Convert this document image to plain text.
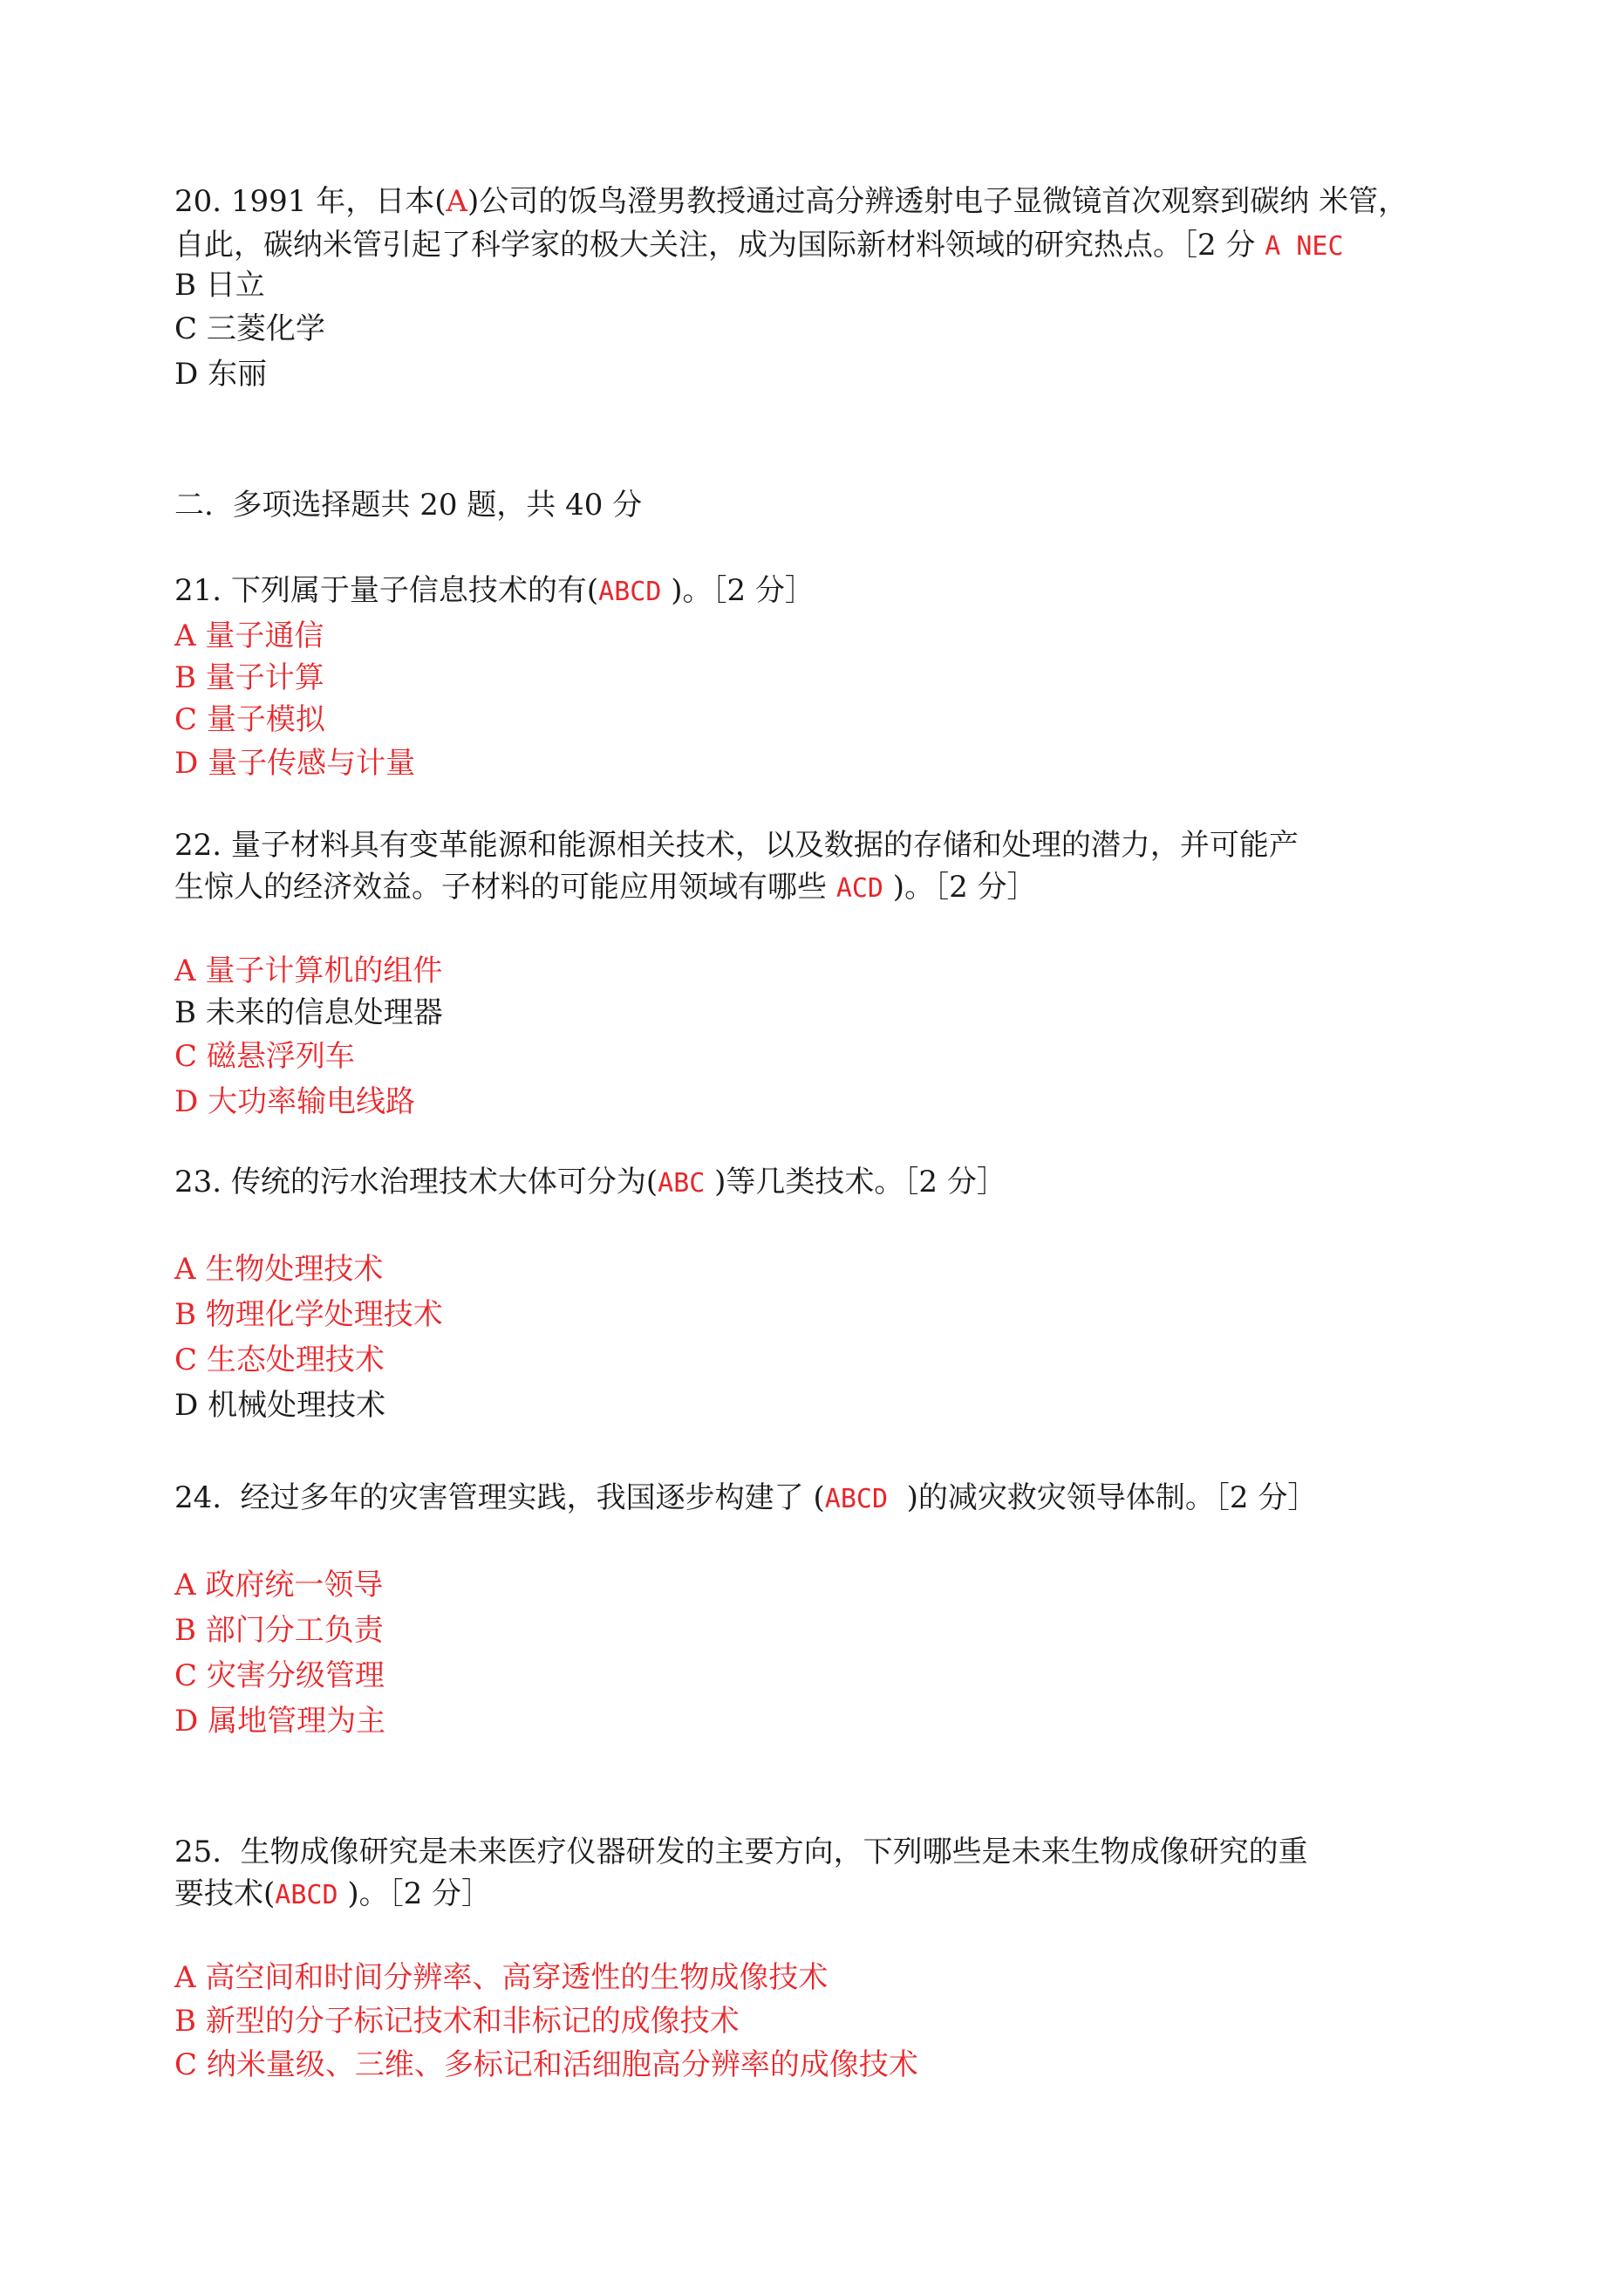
20. 1991 年，日本(A)公司的饭鸟澄男教授通过高分辨透射电子显微镜首次观察到碳纳 米管，
自此，碳纳米管引起了科学家的极大关注，成为国际新材料领域的研究热点。［2 分 A NEC
B 日立
C 三菱化学
D 东丽
二.  多项选择题共 20 题，共 40 分
21. 下列属于量子信息技术的有(ABCD )。［2 分］
A 量子通信
B 量子计算
C 量子模拟
D 量子传感与计量
22. 量子材料具有变革能源和能源相关技术，以及数据的存储和处理的潜力，并可能产
生惊人的经济效益。子材料的可能应用领域有哪些 ACD )。［2 分］
A 量子计算机的组件
B 未来的信息处理器
C 磁悬浮列车
D 大功率输电线路
23. 传统的污水治理技术大体可分为(ABC )等几类技术。［2 分］
A 生物处理技术
B 物理化学处理技术
C 生态处理技术
D 机械处理技术
24.  经过多年的灾害管理实践，我国逐步构建了 (ABCD  )的减灾救灾领导体制。［2 分］
A 政府统一领导
B 部门分工负责
C 灾害分级管理
D 属地管理为主
25.  生物成像研究是未来医疗仪器研发的主要方向，下列哪些是未来生物成像研究的重
要技术(ABCD )。［2 分］
A 高空间和时间分辨率、高穿透性的生物成像技术
B 新型的分子标记技术和非标记的成像技术
C 纳米量级、三维、多标记和活细胞高分辨率的成像技术
